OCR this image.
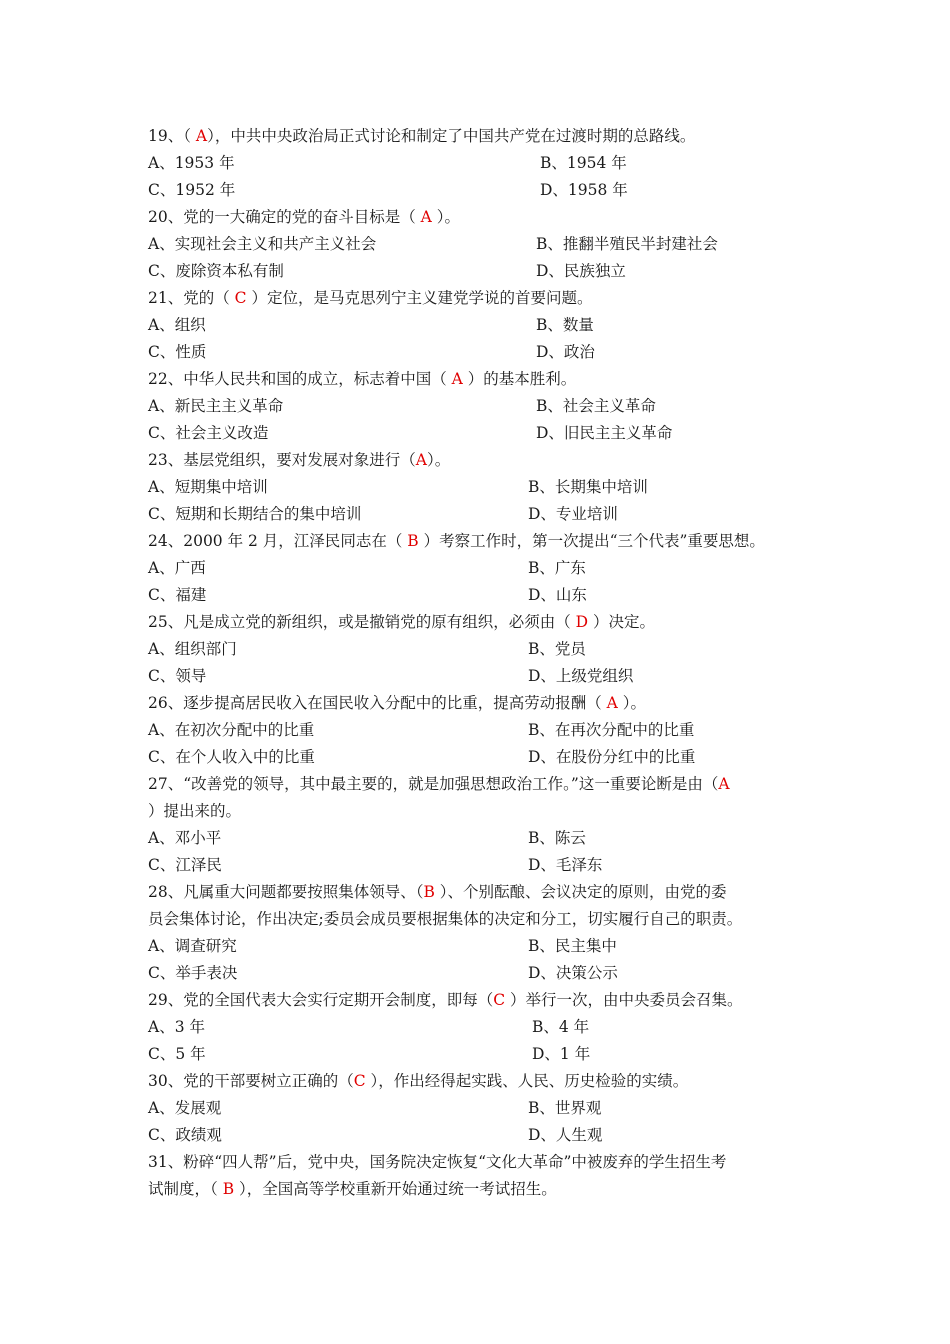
19、（ A），中共中央政治局正式讨论和制定了中国共产党在过渡时期的总路线。
A、1953 年	B、1954 年
C、1952 年	D、1958 年
20、党的一大确定的党的奋斗目标是（ A ）。
A、实现社会主义和共产主义社会	B、推翻半殖民半封建社会
C、废除资本私有制	D、民族独立
21、党的（ C ）定位，是马克思列宁主义建党学说的首要问题。
A、组织	B、数量
C、性质	D、政治
22、中华人民共和国的成立，标志着中国（ A ）的基本胜利。
A、新民主主义革命	B、社会主义革命
C、社会主义改造	D、旧民主主义革命
23、基层党组织，要对发展对象进行（A）。
A、短期集中培训	B、长期集中培训
C、短期和长期结合的集中培训	D、专业培训
24、2000 年 2 月，江泽民同志在（ B ）考察工作时，第一次提出“三个代表”重要思想。
A、广西	B、广东
C、福建	D、山东
25、凡是成立党的新组织，或是撤销党的原有组织，必须由（ D ）决定。
A、组织部门	B、党员
C、领导	D、上级党组织
26、逐步提高居民收入在国民收入分配中的比重，提高劳动报酬（ A ）。
A、在初次分配中的比重	B、在再次分配中的比重
C、在个人收入中的比重	D、在股份分红中的比重
27、“改善党的领导，其中最主要的，就是加强思想政治工作。”这一重要论断是由（A
）提出来的。
A、邓小平	B、陈云
C、江泽民	D、毛泽东
28、凡属重大问题都要按照集体领导、（B ）、个别酝酿、会议决定的原则，由党的委
员会集体讨论，作出决定;委员会成员要根据集体的决定和分工，切实履行自己的职责。
A、调查研究	B、民主集中
C、举手表决	D、决策公示
29、党的全国代表大会实行定期开会制度，即每（C ）举行一次，由中央委员会召集。
A、3 年	B、4 年
C、5 年	D、1 年
30、党的干部要树立正确的（C ），作出经得起实践、人民、历史检验的实绩。
A、发展观	B、世界观
C、政绩观	D、人生观
31、粉碎“四人帮”后，党中央，国务院决定恢复“文化大革命”中被废弃的学生招生考
试制度，（ B ），全国高等学校重新开始通过统一考试招生。
